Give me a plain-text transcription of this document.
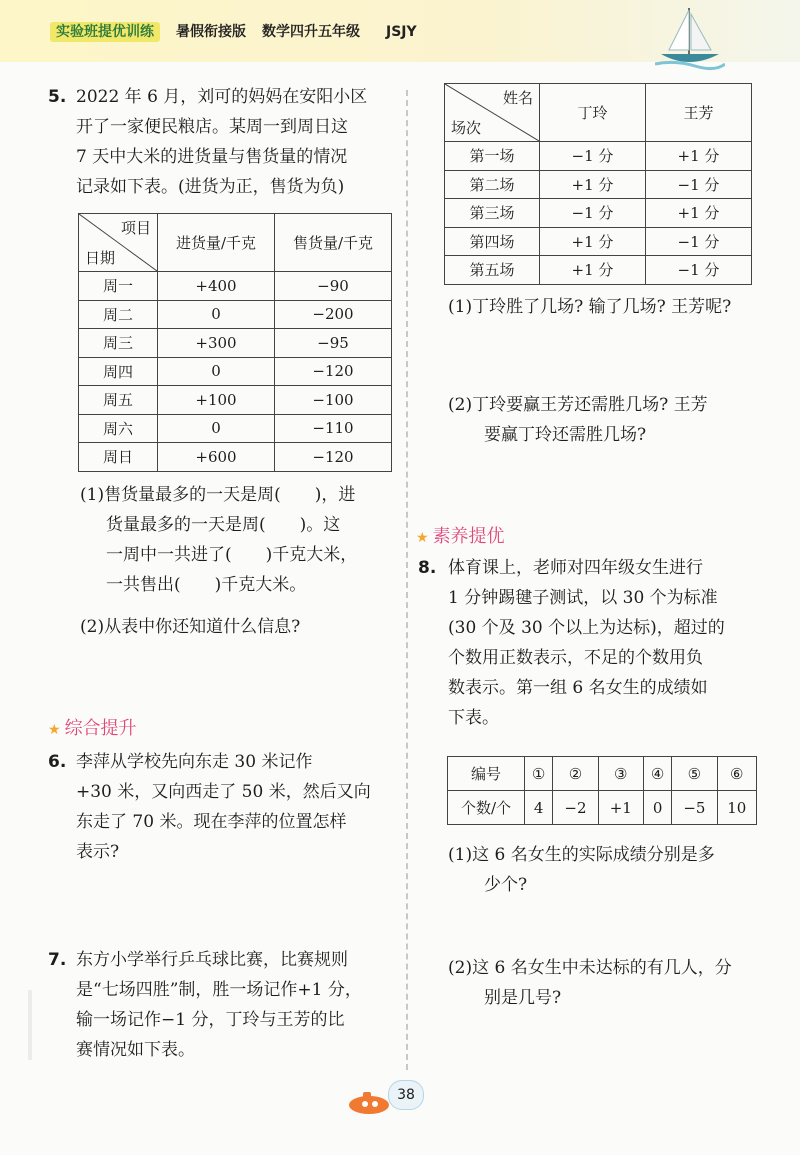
实验班提优训练	暑假衔接版 数学四升五年级 JSJY
5. 2022 年 6 月，刘可的妈妈在安阳小区
开了一家便民粮店。某周一到周日这
7 天中大米的进货量与售货量的情况
记录如下表。(进货为正，售货为负)
项目
日期	进货量/千克	售货量/千克
周一	+400	−90
周二	0	−200
周三	+300	−95
周四	0	−120
周五	+100	−100
周六	0	−110
周日	+600	−120
(1)售货量最多的一天是周(　　)，进
货量最多的一天是周(　　)。这
一周中一共进了(　　)千克大米，
一共售出(　　)千克大米。
(2)从表中你还知道什么信息?
★ 综合提升
6. 李萍从学校先向东走 30 米记作
+30 米，又向西走了 50 米，然后又向
东走了 70 米。现在李萍的位置怎样
表示?
7. 东方小学举行乒乓球比赛，比赛规则
是“七场四胜”制，胜一场记作+1 分，
输一场记作−1 分，丁玲与王芳的比
赛情况如下表。
姓名
场次	丁玲	王芳
第一场	−1 分	+1 分
第二场	+1 分	−1 分
第三场	−1 分	+1 分
第四场	+1 分	−1 分
第五场	+1 分	−1 分
(1)丁玲胜了几场? 输了几场? 王芳呢?
(2)丁玲要赢王芳还需胜几场? 王芳
要赢丁玲还需胜几场?
★ 素养提优
8. 体育课上，老师对四年级女生进行
1 分钟踢毽子测试，以 30 个为标准
(30 个及 30 个以上为达标)，超过的
个数用正数表示，不足的个数用负
数表示。第一组 6 名女生的成绩如
下表。
编号	①	②	③	④	⑤	⑥
个数/个	4	−2	+1	0	−5	10
(1)这 6 名女生的实际成绩分别是多
少个?
(2)这 6 名女生中未达标的有几人，分
别是几号?
38
